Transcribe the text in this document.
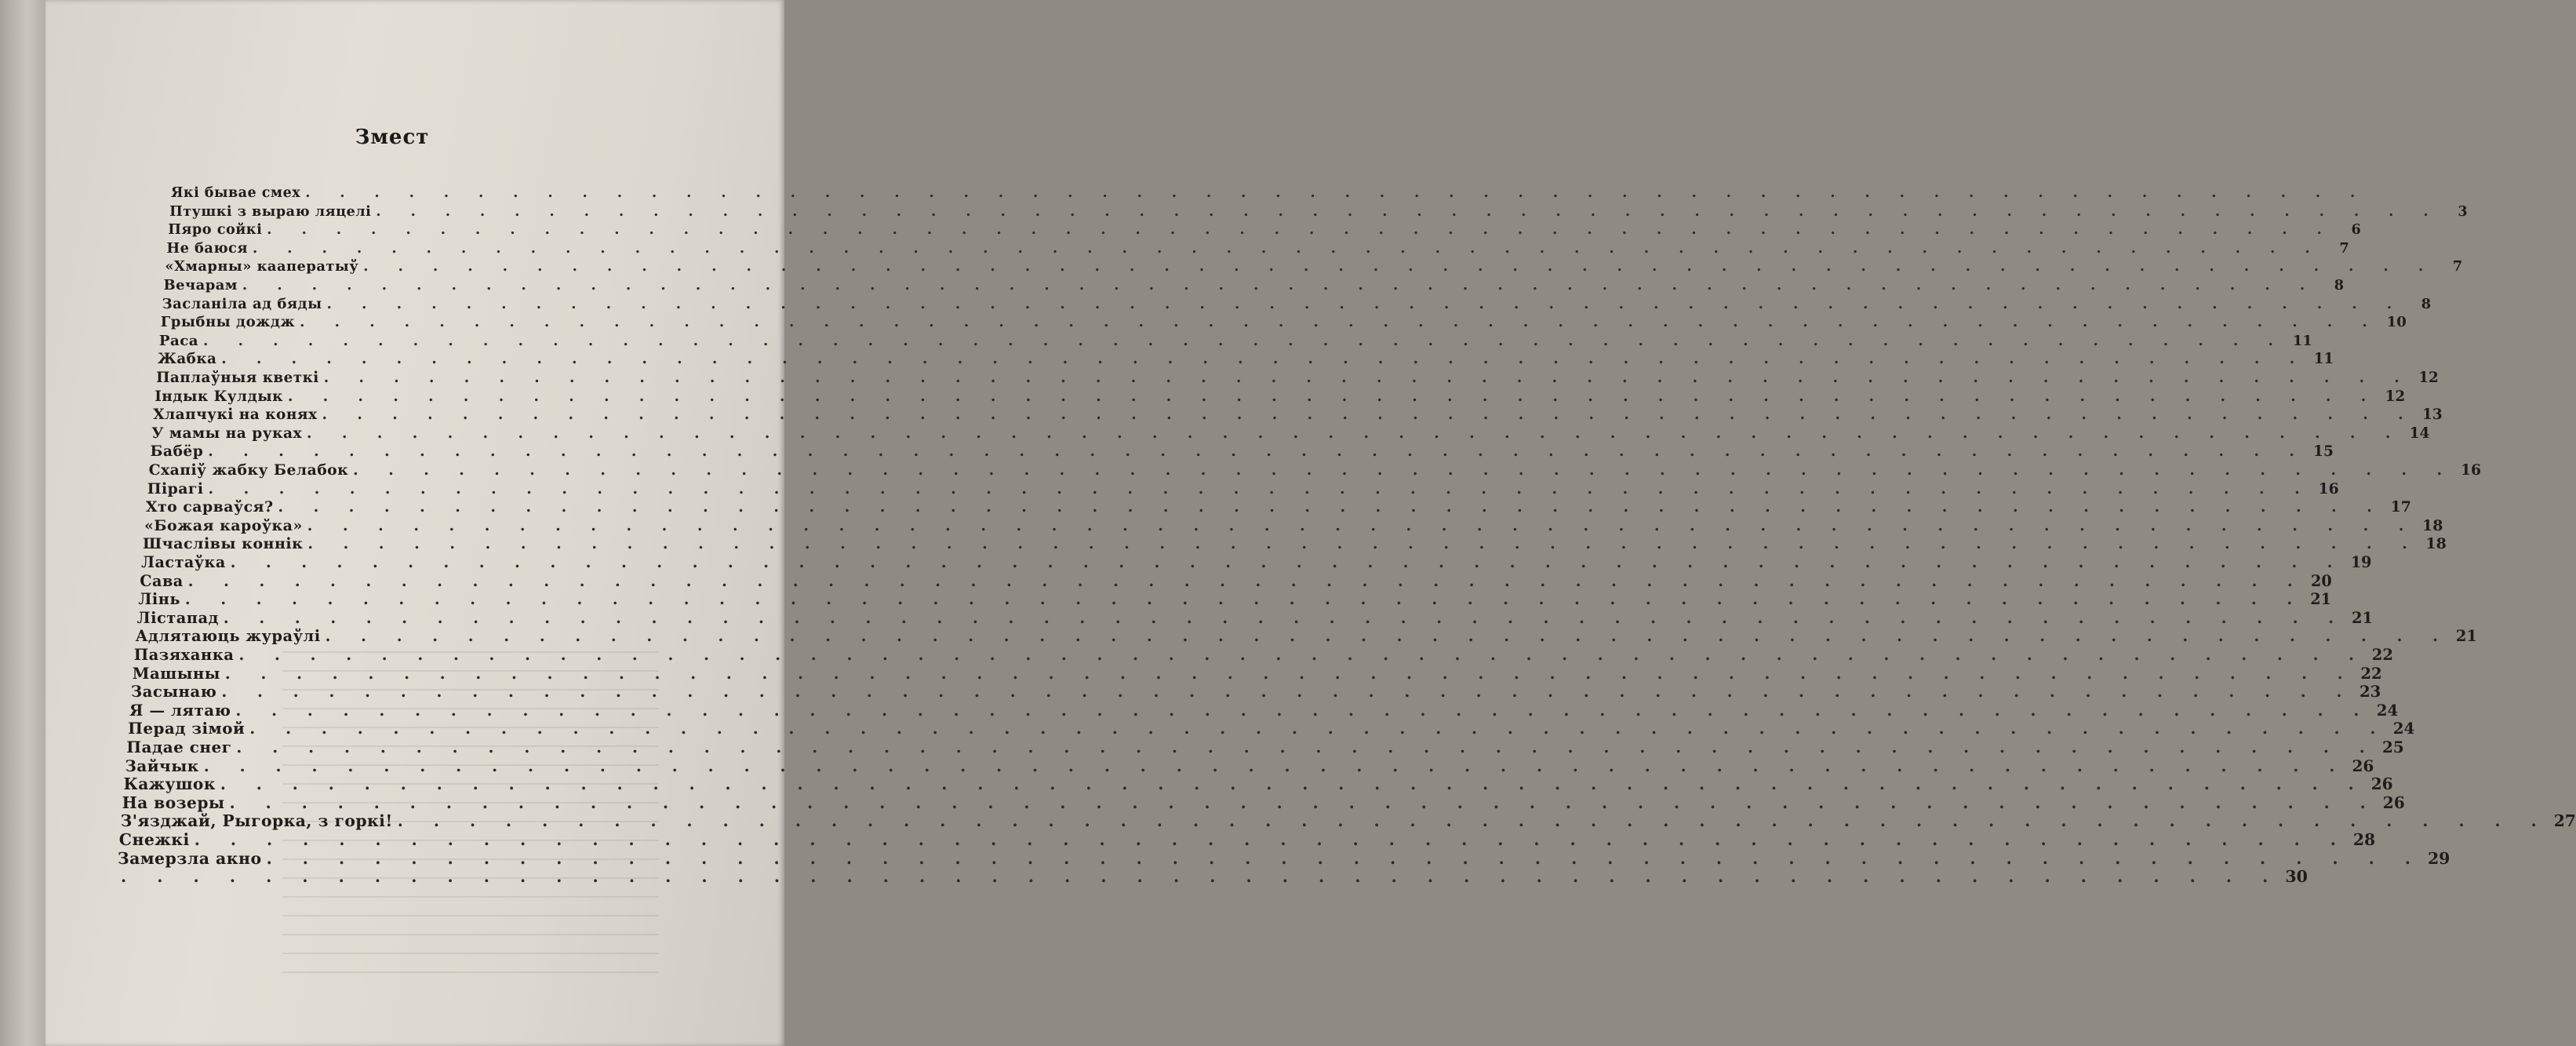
Змест
Які бывае смех . . . . . . . . . . . . . . . . . . . . . . . . . . . . . . . . . . . . . . . . . . . . . . . . . . . . . . . . . . . .
Птушкі з выраю ляцелі . . . . . . . . . . . . . . . . . . . . . . . . . . . . . . . . . . . . . . . . . . . . . . . . . . . . . . . . . . . .	3
Пяро сойкі . . . . . . . . . . . . . . . . . . . . . . . . . . . . . . . . . . . . . . . . . . . . . . . . . . . . . . . . . . . .	6
Не баюся . . . . . . . . . . . . . . . . . . . . . . . . . . . . . . . . . . . . . . . . . . . . . . . . . . . . . . . . . . . .	7
«Хмарны» кааператыў . . . . . . . . . . . . . . . . . . . . . . . . . . . . . . . . . . . . . . . . . . . . . . . . . . . . . . . . . . . .	7
Вечарам . . . . . . . . . . . . . . . . . . . . . . . . . . . . . . . . . . . . . . . . . . . . . . . . . . . . . . . . . . . .	8
Засланіла ад бяды . . . . . . . . . . . . . . . . . . . . . . . . . . . . . . . . . . . . . . . . . . . . . . . . . . . . . . . . . . . .	8
Грыбны дождж . . . . . . . . . . . . . . . . . . . . . . . . . . . . . . . . . . . . . . . . . . . . . . . . . . . . . . . . . . . . 10
Раса . . . . . . . . . . . . . . . . . . . . . . . . . . . . . . . . . . . . . . . . . . . . . . . . . . . . . . . . . . . . 11
Жабка . . . . . . . . . . . . . . . . . . . . . . . . . . . . . . . . . . . . . . . . . . . . . . . . . . . . . . . . . . . . 11
Паплаўныя кветкі . . . . . . . . . . . . . . . . . . . . . . . . . . . . . . . . . . . . . . . . . . . . . . . . . . . . . . . . . . . . 12
Індык Кулдык . . . . . . . . . . . . . . . . . . . . . . . . . . . . . . . . . . . . . . . . . . . . . . . . . . . . . . . . . . . . 12
Хлапчукі на конях . . . . . . . . . . . . . . . . . . . . . . . . . . . . . . . . . . . . . . . . . . . . . . . . . . . . . . . . . . . . 13
У мамы на руках . . . . . . . . . . . . . . . . . . . . . . . . . . . . . . . . . . . . . . . . . . . . . . . . . . . . . . . . . . . . 14
Бабёр . . . . . . . . . . . . . . . . . . . . . . . . . . . . . . . . . . . . . . . . . . . . . . . . . . . . . . . . . . . . 15
Схапіў жабку Белабок . . . . . . . . . . . . . . . . . . . . . . . . . . . . . . . . . . . . . . . . . . . . . . . . . . . . . . . . . . . . 16
Пірагі . . . . . . . . . . . . . . . . . . . . . . . . . . . . . . . . . . . . . . . . . . . . . . . . . . . . . . . . . . . . 16
Хто сарваўся? . . . . . . . . . . . . . . . . . . . . . . . . . . . . . . . . . . . . . . . . . . . . . . . . . . . . . . . . . . . . 17
«Божая кароўка» . . . . . . . . . . . . . . . . . . . . . . . . . . . . . . . . . . . . . . . . . . . . . . . . . . . . . . . . . . . . 18
Шчаслівы коннік . . . . . . . . . . . . . . . . . . . . . . . . . . . . . . . . . . . . . . . . . . . . . . . . . . . . . . . . . . . . 18
Ластаўка . . . . . . . . . . . . . . . . . . . . . . . . . . . . . . . . . . . . . . . . . . . . . . . . . . . . . . . . . . . . 19
Сава . . . . . . . . . . . . . . . . . . . . . . . . . . . . . . . . . . . . . . . . . . . . . . . . . . . . . . . . . . . . 20
Лінь . . . . . . . . . . . . . . . . . . . . . . . . . . . . . . . . . . . . . . . . . . . . . . . . . . . . . . . . . . . . 21
Лістапад . . . . . . . . . . . . . . . . . . . . . . . . . . . . . . . . . . . . . . . . . . . . . . . . . . . . . . . . . . . . 21
Адлятаюць жураўлі . . . . . . . . . . . . . . . . . . . . . . . . . . . . . . . . . . . . . . . . . . . . . . . . . . . . . . . . . . . . 21
Пазяханка . . . . . . . . . . . . . . . . . . . . . . . . . . . . . . . . . . . . . . . . . . . . . . . . . . . . . . . . . . . . 22
Машыны . . . . . . . . . . . . . . . . . . . . . . . . . . . . . . . . . . . . . . . . . . . . . . . . . . . . . . . . . . . . 22
Засынаю . . . . . . . . . . . . . . . . . . . . . . . . . . . . . . . . . . . . . . . . . . . . . . . . . . . . . . . . . . . . 23
Я — лятаю . . . . . . . . . . . . . . . . . . . . . . . . . . . . . . . . . . . . . . . . . . . . . . . . . . . . . . . . . . . . 24
Перад зімой . . . . . . . . . . . . . . . . . . . . . . . . . . . . . . . . . . . . . . . . . . . . . . . . . . . . . . . . . . . . 24
Падае снег . . . . . . . . . . . . . . . . . . . . . . . . . . . . . . . . . . . . . . . . . . . . . . . . . . . . . . . . . . . . 25
Зайчык . . . . . . . . . . . . . . . . . . . . . . . . . . . . . . . . . . . . . . . . . . . . . . . . . . . . . . . . . . . . 26
Кажушок . . . . . . . . . . . . . . . . . . . . . . . . . . . . . . . . . . . . . . . . . . . . . . . . . . . . . . . . . . . . 26
На возеры . . . . . . . . . . . . . . . . . . . . . . . . . . . . . . . . . . . . . . . . . . . . . . . . . . . . . . . . . . . . 26
З'язджай, Рыгорка, з горкі! . . . . . . . . . . . . . . . . . . . . . . . . . . . . . . . . . . . . . . . . . . . . . . . . . . . . . . . . . . . . 27
Снежкі . . . . . . . . . . . . . . . . . . . . . . . . . . . . . . . . . . . . . . . . . . . . . . . . . . . . . . . . . . . . 28
Замерзла акно . . . . . . . . . . . . . . . . . . . . . . . . . . . . . . . . . . . . . . . . . . . . . . . . . . . . . . . . . . . . 29
. . . . . . . . . . . . . . . . . . . . . . . . . . . . . . . . . . . . . . . . . . . . . . . . . . . . . . . . . . . . 30
